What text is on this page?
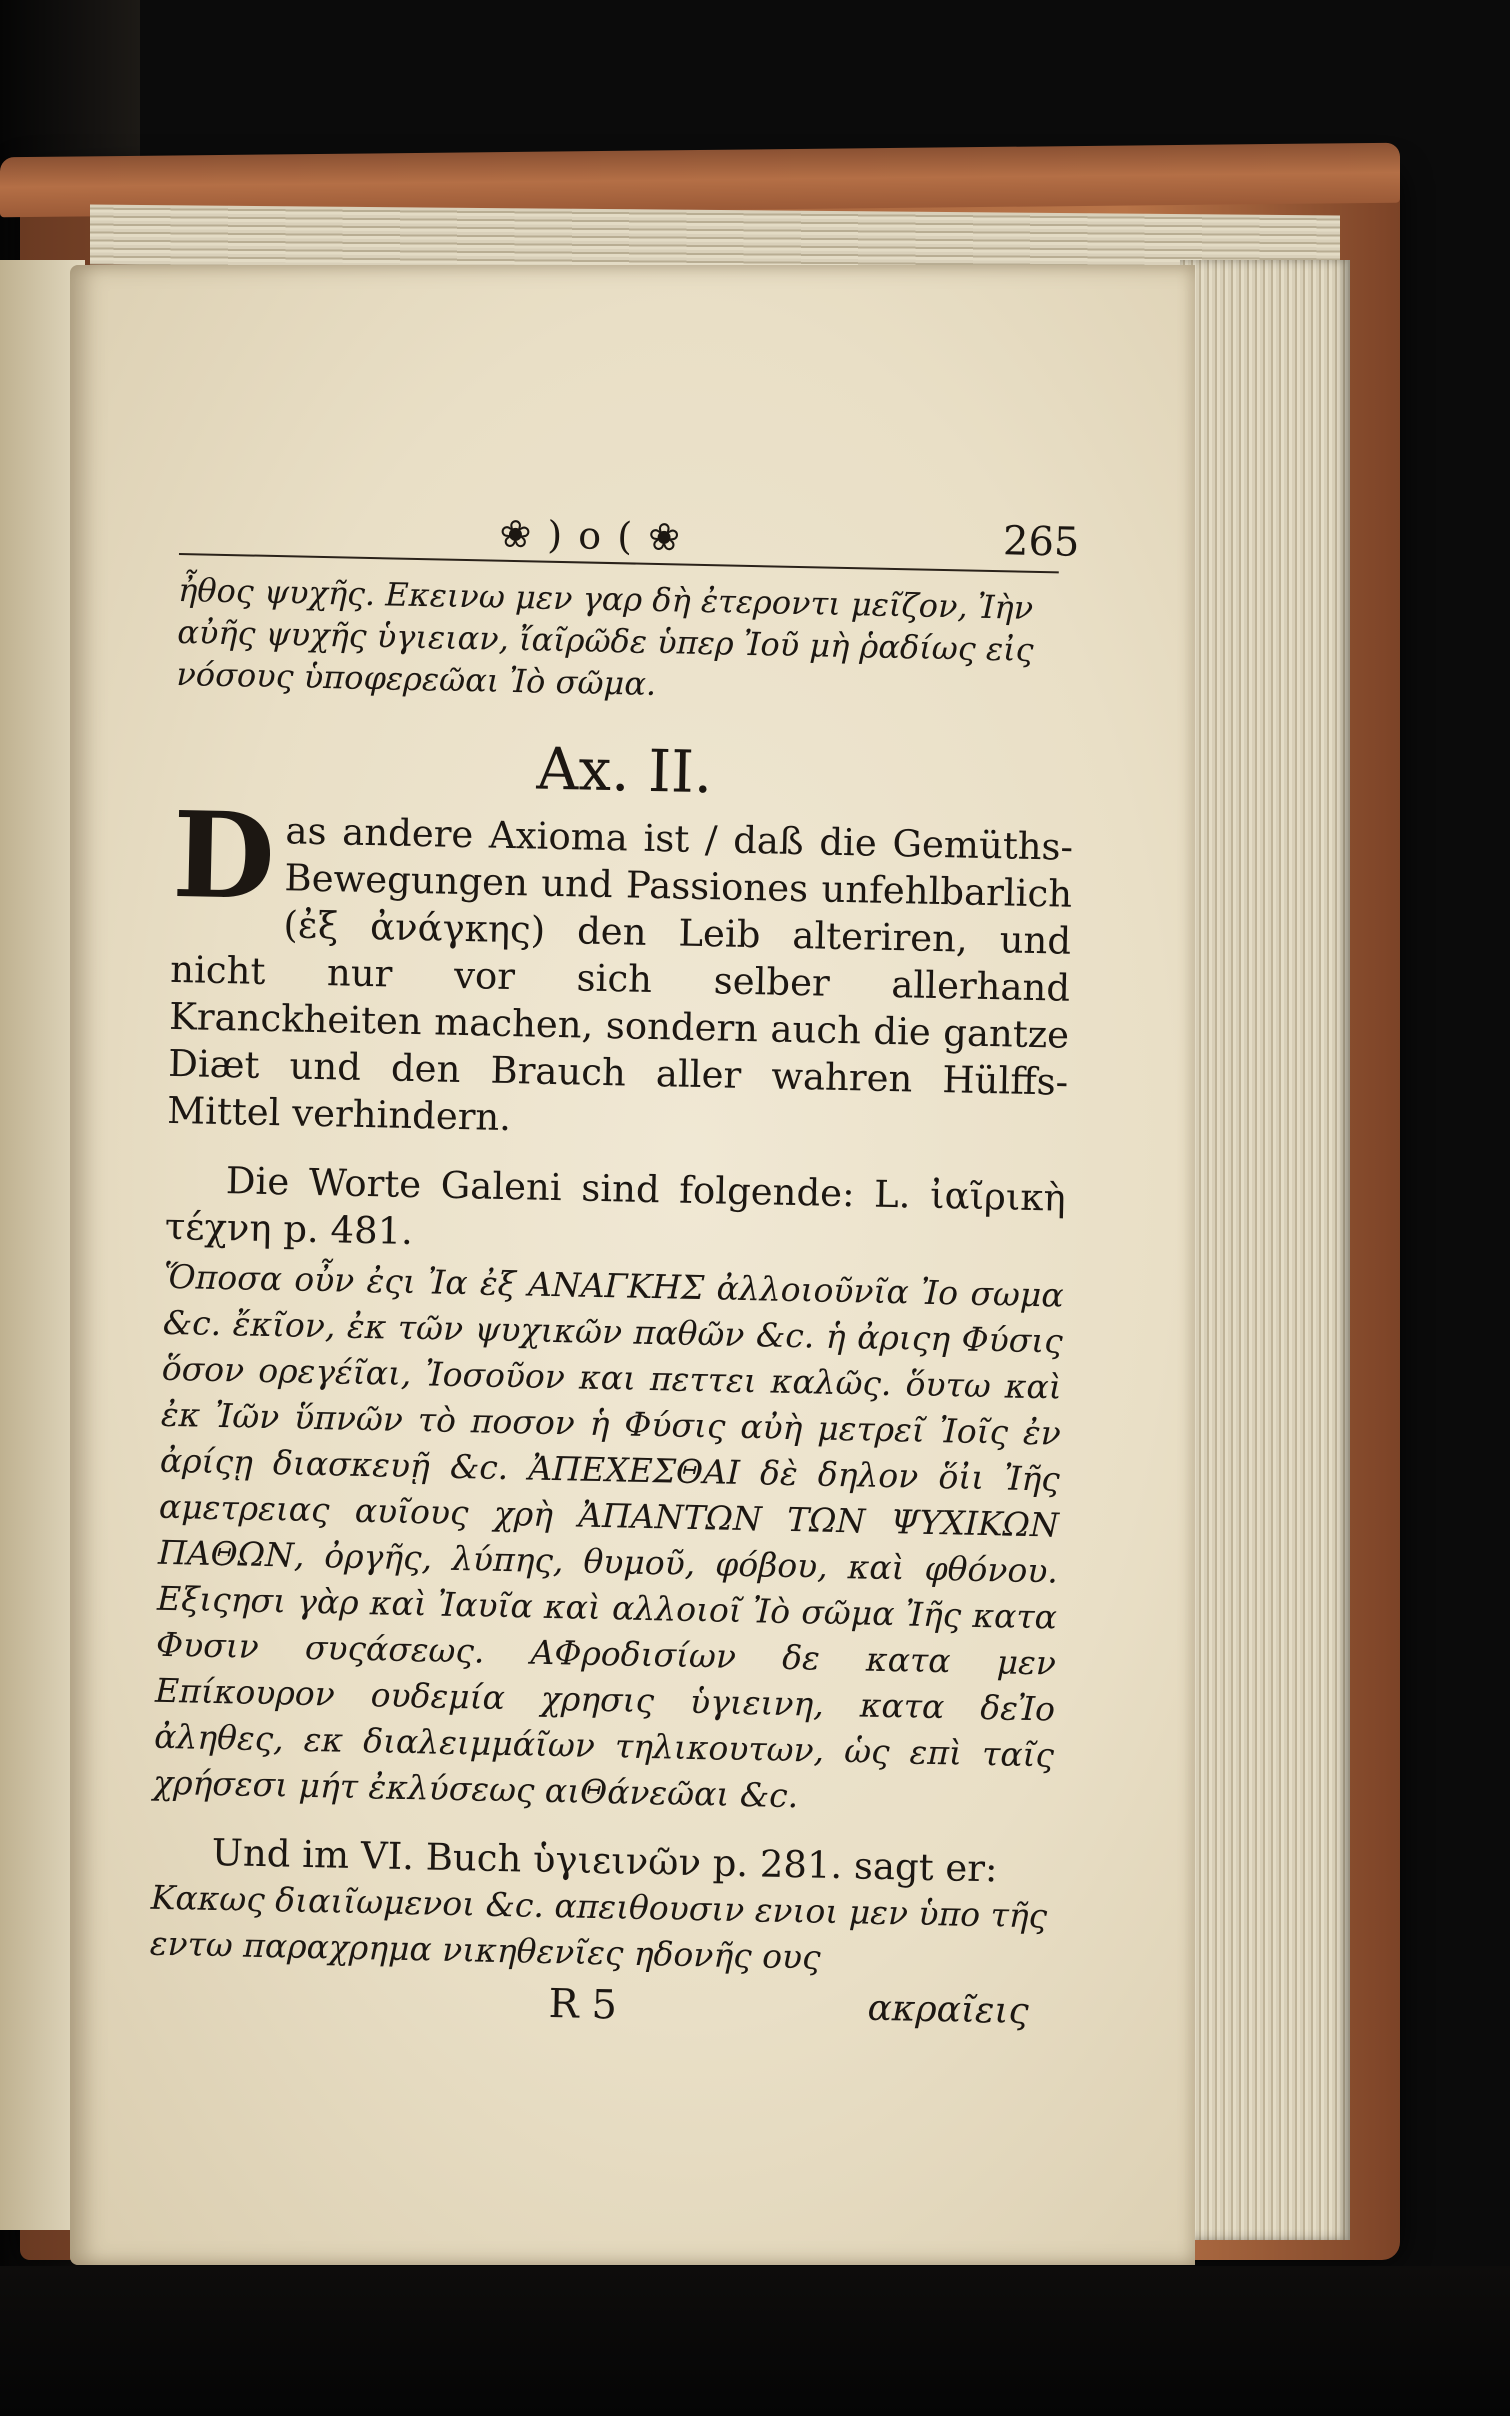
❀ ) o ( ❀	265

ἦθος ψυχῆς. Εκεινω μεν γαρ δὴ ἐτεροντι μεῖζον, Ἰὴν αὐῆς ψυχῆς ὑγιειαν, ἴαῖρῶδε ὑπερ Ἰοῦ μὴ ῥαδίως εἰς νόσους ὑποφερεῶαι Ἰὸ σῶμα.

Ax. II.
Das andere Axioma ist / daß die Gemüths-Bewegungen und Passiones unfehlbarlich (ἐξ ἀνάγκης) den Leib alteriren, und nicht nur vor sich selber allerhand Kranckheiten machen, sondern auch die gantze Diæt und den Brauch aller wahren Hülffs-Mittel verhindern.
Die Worte Galeni sind folgende: L. ἰαῖρικὴ τέχνη p. 481.
Ὅποσα οὖν ἐςι Ἰα ἐξ ΑΝΑΓΚΗΣ ἀλλοιοῦνῖα Ἰο σωμα &c. ἔκῖον, ἐκ τῶν ψυχικῶν παθῶν &c. ἡ ἀριςη Φύσις ὅσον ορεγέῖαι, Ἰοσοῦον και πεττει καλῶς. ὅυτω καὶ ἐκ Ἰῶν ὕπνῶν τὸ ποσον ἡ Φύσις αὐὴ μετρεῖ Ἰοῖς ἐν ἀρίςῃ διασκευῇ &c. ἈΠΕΧΕΣΘΑΙ δὲ δηλον ὅἰι Ἰῆς αμετρειας αυῖους χρὴ ἈΠΑΝΤΩΝ ΤΩΝ ΨΥΧΙΚΩΝ ΠΑΘΩΝ, ὀργῆς, λύπης, θυμοῦ, φόβου, καὶ φθόνου. Εξιςησι γὰρ καὶ Ἰαυῖα καὶ αλλοιοῖ Ἰὸ σῶμα Ἰῆς κατα Φυσιν συςάσεως. ΑΦροδισίων δε κατα μεν Επίκουρον ουδεμία χρησις ὑγιεινη, κατα δεἸο ἀληθες, εκ διαλειμμάῖων τηλικουτων, ὡς επὶ ταῖς χρήσεσι μήτ ἐκλύσεως αιΘάνεῶαι &c.
Und im VI. Buch ὑγιεινῶν p. 281. sagt er:
Κακως διαιῖωμενοι &c. απειθουσιν ενιοι μεν ὑπο τῆς εντω παραχρημα νικηθενῖες ηδονῆς ους
R 5	ακραῖεις
